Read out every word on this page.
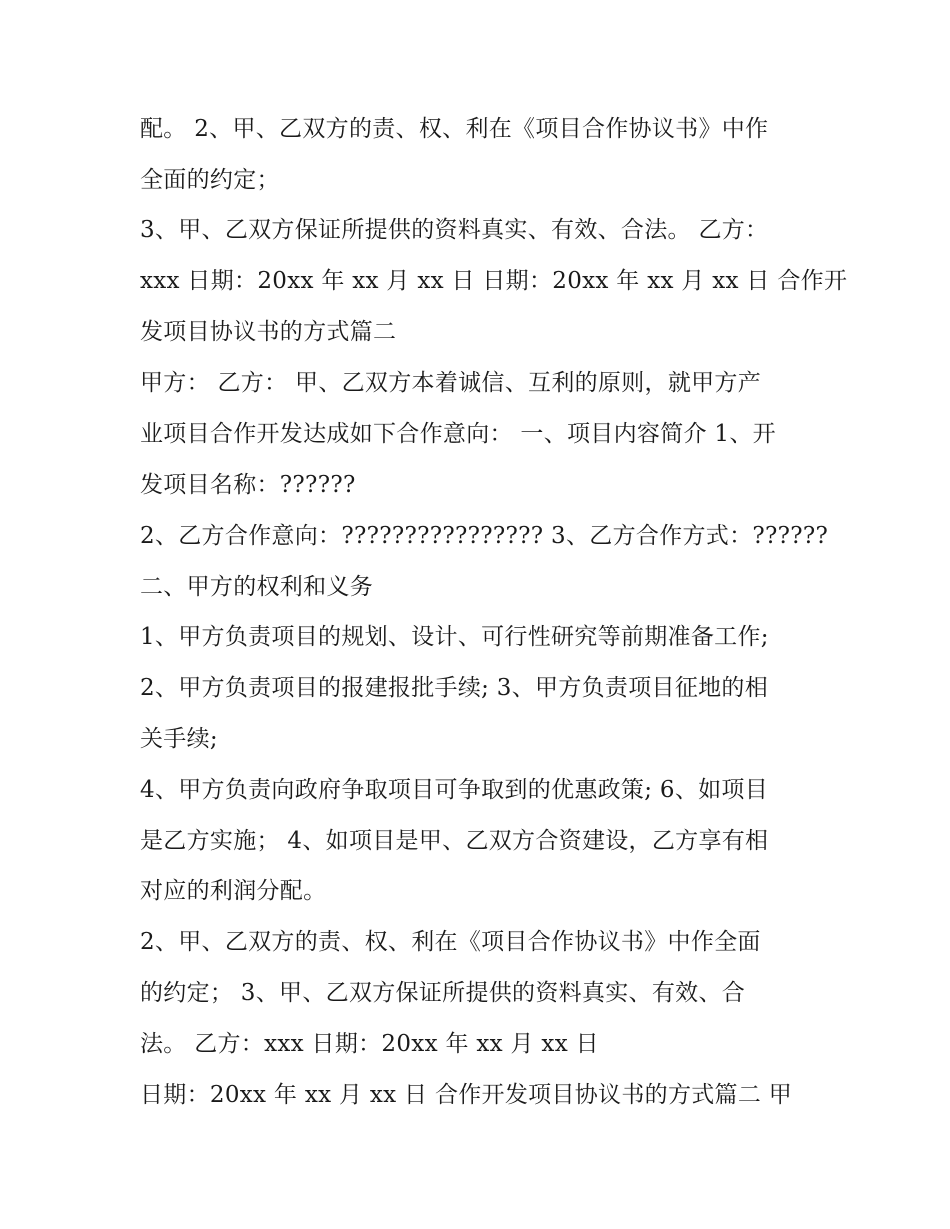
配。 2、甲、乙双方的责、权、利在《项目合作协议书》中作
全面的约定；
3、甲、乙双方保证所提供的资料真实、有效、合法。 乙方：
xxx 日期：20xx 年 xx 月 xx 日 日期：20xx 年 xx 月 xx 日 合作开
发项目协议书的方式篇二
甲方： 乙方： 甲、乙双方本着诚信、互利的原则，就甲方产
业项目合作开发达成如下合作意向： 一、项目内容简介 1、开
发项目名称：??????
2、乙方合作意向：???????????????? 3、乙方合作方式：??????
二、甲方的权利和义务
1、甲方负责项目的规划、设计、可行性研究等前期准备工作;
2、甲方负责项目的报建报批手续; 3、甲方负责项目征地的相
关手续;
4、甲方负责向政府争取项目可争取到的优惠政策; 6、如项目
是乙方实施； 4、如项目是甲、乙双方合资建设，乙方享有相
对应的利润分配。
2、甲、乙双方的责、权、利在《项目合作协议书》中作全面
的约定； 3、甲、乙双方保证所提供的资料真实、有效、合
法。 乙方：xxx 日期：20xx 年 xx 月 xx 日
日期：20xx 年 xx 月 xx 日 合作开发项目协议书的方式篇二 甲
